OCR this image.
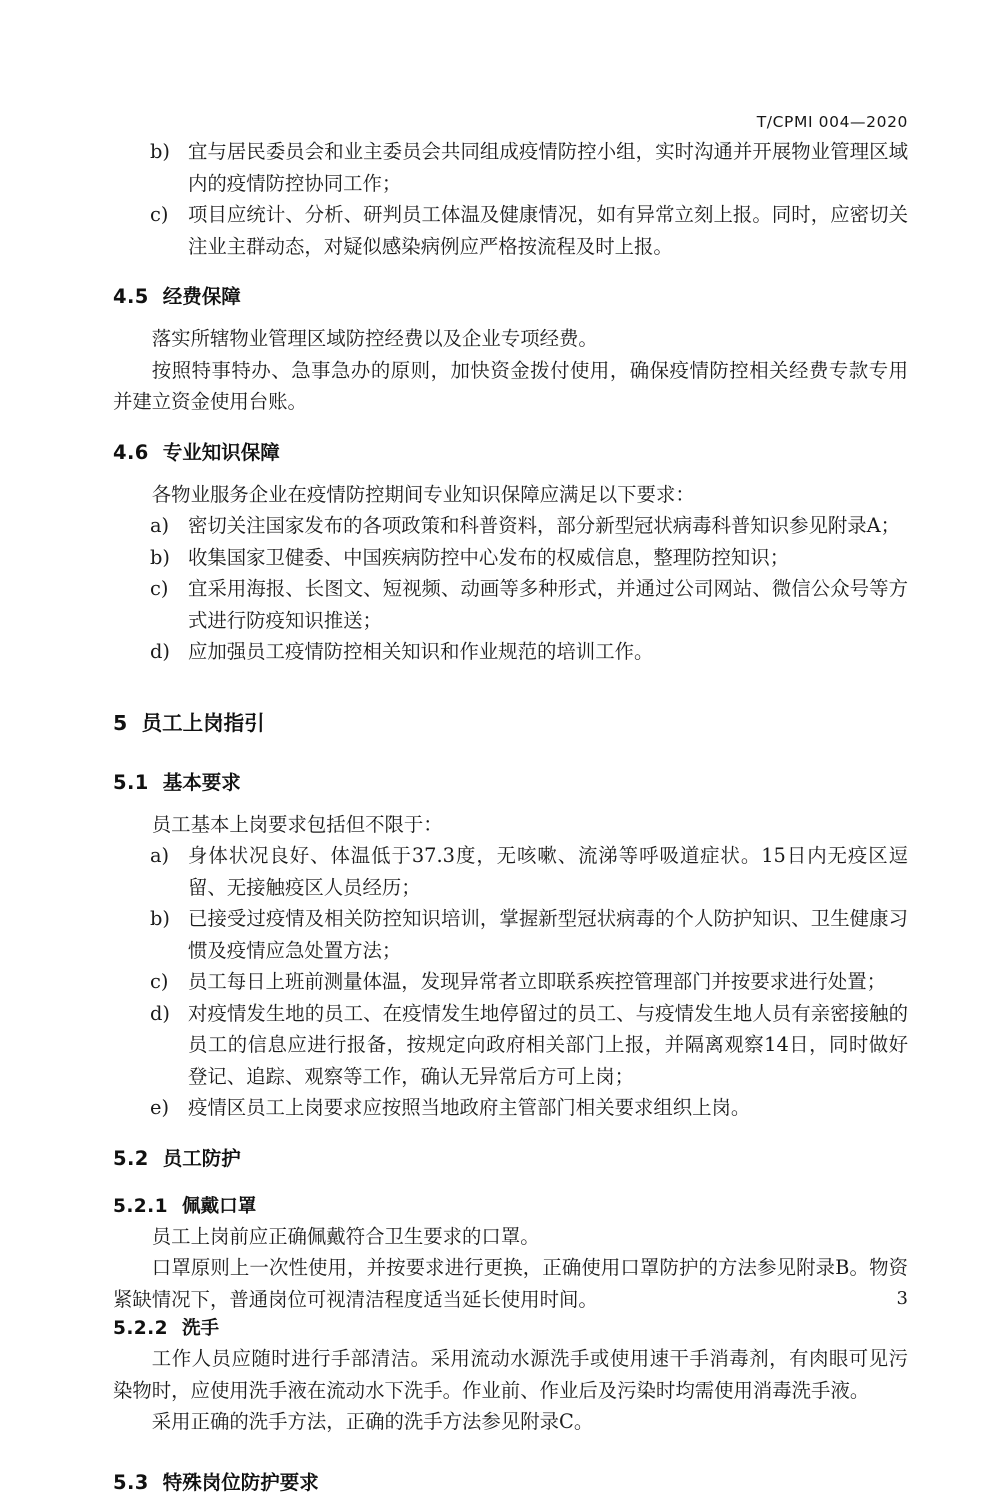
T/CPMI 004—2020
b) 宜与居民委员会和业主委员会共同组成疫情防控小组，实时沟通并开展物业管理区域内的疫情防控协同工作；
c)	项目应统计、分析、研判员工体温及健康情况，如有异常立刻上报。同时，应密切关注业主群动态，对疑似感染病例应严格按流程及时上报。
4.5 经费保障

落实所辖物业管理区域防控经费以及企业专项经费。

按照特事特办、急事急办的原则，加快资金拨付使用，确保疫情防控相关经费专款专用并建立资金使用台账。

4.6 专业知识保障

各物业服务企业在疫情防控期间专业知识保障应满足以下要求：

a) 密切关注国家发布的各项政策和科普资料，部分新型冠状病毒科普知识参见附录A；
b) 收集国家卫健委、中国疾病防控中心发布的权威信息，整理防控知识；
c)	宜采用海报、长图文、短视频、动画等多种形式，并通过公司网站、微信公众号等方式进行防疫知识推送；
d) 应加强员工疫情防控相关知识和作业规范的培训工作。
5 员工上岗指引
5.1 基本要求

员工基本上岗要求包括但不限于：

a) 身体状况良好、体温低于37.3度，无咳嗽、流涕等呼吸道症状。15日内无疫区逗留、无接触疫区人员经历；
b) 已接受过疫情及相关防控知识培训，掌握新型冠状病毒的个人防护知识、卫生健康习惯及疫情应急处置方法；
c)	员工每日上班前测量体温，发现异常者立即联系疾控管理部门并按要求进行处置；
d) 对疫情发生地的员工、在疫情发生地停留过的员工、与疫情发生地人员有亲密接触的员工的信息应进行报备，按规定向政府相关部门上报，并隔离观察14日，同时做好登记、追踪、观察等工作，确认无异常后方可上岗；
e) 疫情区员工上岗要求应按照当地政府主管部门相关要求组织上岗。
5.2 员工防护
5.2.1 佩戴口罩

员工上岗前应正确佩戴符合卫生要求的口罩。

口罩原则上一次性使用，并按要求进行更换，正确使用口罩防护的方法参见附录B。物资紧缺情况下，普通岗位可视清洁程度适当延长使用时间。

5.2.2 洗手

工作人员应随时进行手部清洁。采用流动水源洗手或使用速干手消毒剂，有肉眼可见污染物时，应使用洗手液在流动水下洗手。作业前、作业后及污染时均需使用消毒洗手液。

采用正确的洗手方法，正确的洗手方法参见附录C。

5.3 特殊岗位防护要求
3
